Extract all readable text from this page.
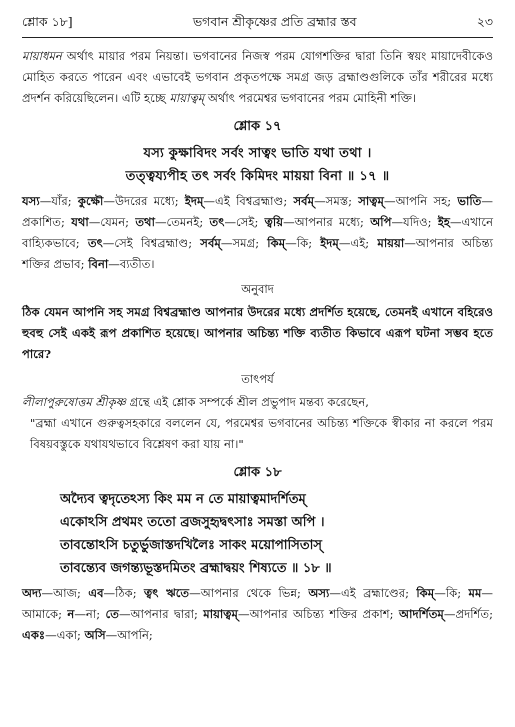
শ্লোক ১৮]	ভগবান শ্রীকৃষ্ণের প্রতি ব্রহ্মার স্তব	২৩

মায়াধমন অর্থাৎ মায়ার পরম নিয়ন্তা। ভগবানের নিজস্ব পরম যোগশক্তির দ্বারা তিনি স্বয়ং মায়াদেবীকেও মোহিত করতে পারেন এবং এভাবেই ভগবান প্রকৃতপক্ষে সমগ্র জড় ব্রহ্মাণ্ডগুলিকে তাঁর শরীরের মধ্যে প্রদর্শন করিয়েছিলেন। এটি হচ্ছে মায়াত্বম্ অর্থাৎ পরমেশ্বর ভগবানের পরম মোহিনী শক্তি।

শ্লোক ১৭
যস্য কুক্ষাবিদং সর্বং সাত্বং ভাতি যথা তথা ।
তত্ত্বয্যপীহ তৎ সর্বং কিমিদং মায়য়া বিনা ॥ ১৭ ॥

যস্য—যাঁর; কুক্ষৌ—উদরের মধ্যে; ইদম্—এই বিশ্বব্রহ্মাণ্ড; সর্বম্—সমস্ত; সাত্বম্—আপনি সহ; ভাতি—প্রকাশিত; যথা—যেমন; তথা—তেমনই; তৎ—সেই; ত্বয়ি—আপনার মধ্যে; অপি—যদিও; ইহ—এখানে বাহ্যিকভাবে; তৎ—সেই বিশ্বব্রহ্মাণ্ড; সর্বম্—সমগ্র; কিম্—কি; ইদম্—এই; মায়য়া—আপনার অচিন্ত্য শক্তির প্রভাব; বিনা—ব্যতীত।

অনুবাদ

ঠিক যেমন আপনি সহ সমগ্র বিশ্বব্রহ্মাণ্ড আপনার উদরের মধ্যে প্রদর্শিত হয়েছে, তেমনই এখানে বহিরেও হুবহু সেই একই রূপ প্রকাশিত হয়েছে। আপনার অচিন্ত্য শক্তি ব্যতীত কিভাবে এরূপ ঘটনা সম্ভব হতে পারে?

তাৎপর্য

লীলাপুরুষোত্তম শ্রীকৃষ্ণ গ্রন্থে এই শ্লোক সম্পর্কে শ্রীল প্রভুপাদ মন্তব্য করেছেন,

"ব্রহ্মা এখানে গুরুত্বসহকারে বললেন যে, পরমেশ্বর ভগবানের অচিন্ত্য শক্তিকে স্বীকার না করলে পরম বিষয়বস্তুকে যথাযথভাবে বিশ্লেষণ করা যায় না।"

শ্লোক ১৮
অদ্যৈব ত্বদৃতেঽস্য কিং মম ন তে মায়াত্বমাদর্শিতম্
একোঽসি প্রথমং ততো ব্রজসুহৃদ্বৎসাঃ সমস্তা অপি ।
তাবন্তোঽসি চতুর্ভুজাস্তদখিলৈঃ সাকং ময়োপাসিতাস্
তাবন্ত্যেব জগন্ত্যভূস্তদমিতং ব্রহ্মাদ্বয়ং শিষ্যতে ॥ ১৮ ॥

অদ্য—আজ; এব—ঠিক; ত্বৎ ঋতে—আপনার থেকে ভিন্ন; অস্য—এই ব্রহ্মাণ্ডের; কিম্—কি; মম—আমাকে; ন—না; তে—আপনার দ্বারা; মায়াত্বম্—আপনার অচিন্ত্য শক্তির প্রকাশ; আদর্শিতম্—প্রদর্শিত; একঃ—একা; অসি—আপনি;
